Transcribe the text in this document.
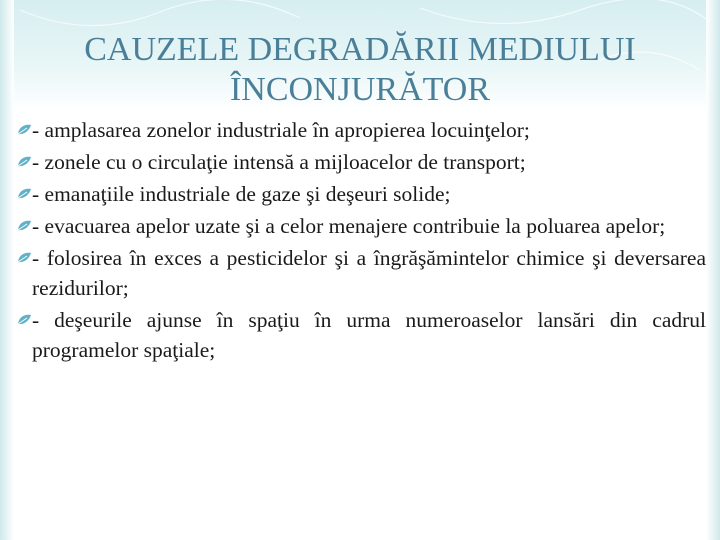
CAUZELE DEGRADĂRII MEDIULUI
ÎNCONJURĂTOR
- amplasarea zonelor industriale în apropierea locuinţelor;
- zonele cu o circulaţie intensă a mijloacelor de transport;
- emanaţiile industriale de gaze şi deşeuri solide;
- evacuarea apelor uzate şi a celor menajere contribuie la poluarea apelor;
- folosirea în exces a pesticidelor şi a îngrăşămintelor chimice şi deversarea rezidurilor;
- deşeurile ajunse în spaţiu în urma numeroaselor lansări din cadrul programelor spaţiale;
